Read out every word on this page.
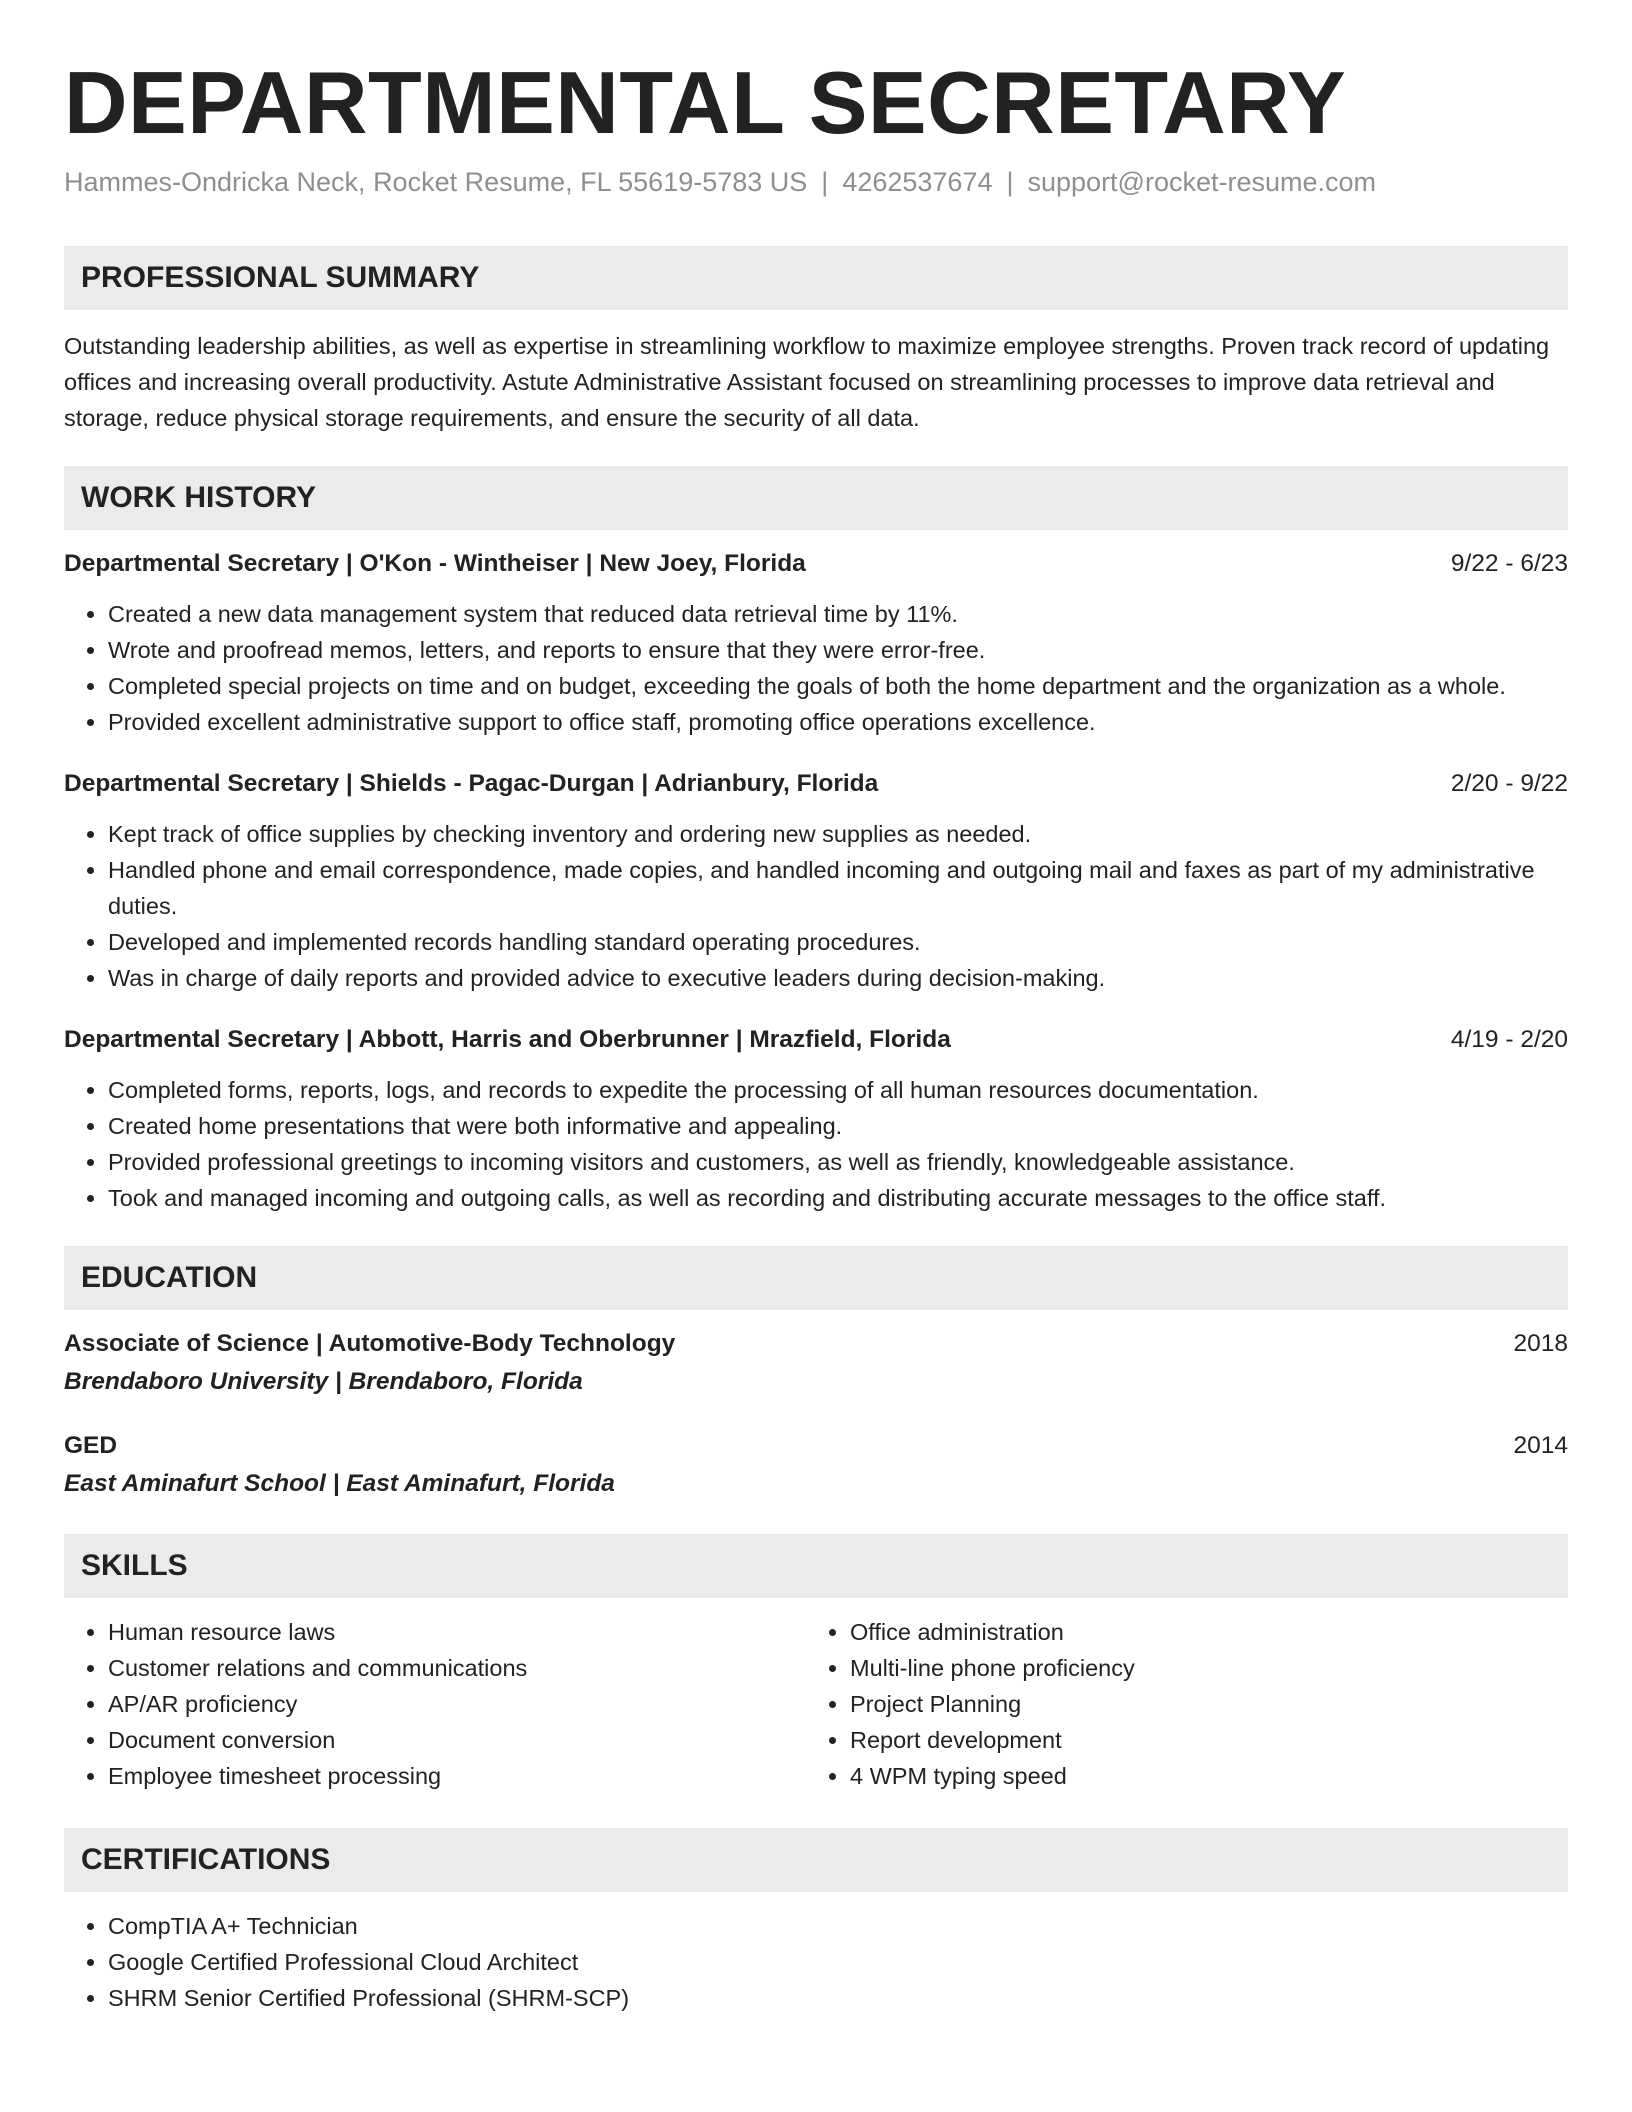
DEPARTMENTAL SECRETARY
Hammes-Ondricka Neck, Rocket Resume, FL 55619-5783 US | 4262537674 | support@rocket-resume.com
PROFESSIONAL SUMMARY
Outstanding leadership abilities, as well as expertise in streamlining workflow to maximize employee strengths. Proven track record of updating offices and increasing overall productivity. Astute Administrative Assistant focused on streamlining processes to improve data retrieval and storage, reduce physical storage requirements, and ensure the security of all data.
WORK HISTORY
Departmental Secretary | O'Kon - Wintheiser | New Joey, Florida	9/22 - 6/23
• Created a new data management system that reduced data retrieval time by 11%.
• Wrote and proofread memos, letters, and reports to ensure that they were error-free.
• Completed special projects on time and on budget, exceeding the goals of both the home department and the organization as a whole.
• Provided excellent administrative support to office staff, promoting office operations excellence.
Departmental Secretary | Shields - Pagac-Durgan | Adrianbury, Florida	2/20 - 9/22
• Kept track of office supplies by checking inventory and ordering new supplies as needed.
• Handled phone and email correspondence, made copies, and handled incoming and outgoing mail and faxes as part of my administrative duties.
• Developed and implemented records handling standard operating procedures.
• Was in charge of daily reports and provided advice to executive leaders during decision-making.
Departmental Secretary | Abbott, Harris and Oberbrunner | Mrazfield, Florida	4/19 - 2/20
• Completed forms, reports, logs, and records to expedite the processing of all human resources documentation.
• Created home presentations that were both informative and appealing.
• Provided professional greetings to incoming visitors and customers, as well as friendly, knowledgeable assistance.
• Took and managed incoming and outgoing calls, as well as recording and distributing accurate messages to the office staff.
EDUCATION
Associate of Science | Automotive-Body Technology	2018
Brendaboro University | Brendaboro, Florida
GED	2014
East Aminafurt School | East Aminafurt, Florida
SKILLS
• Human resource laws
• Customer relations and communications
• AP/AR proficiency
• Document conversion
• Employee timesheet processing
• Office administration
• Multi-line phone proficiency
• Project Planning
• Report development
• 4 WPM typing speed
CERTIFICATIONS
• CompTIA A+ Technician
• Google Certified Professional Cloud Architect
• SHRM Senior Certified Professional (SHRM-SCP)
